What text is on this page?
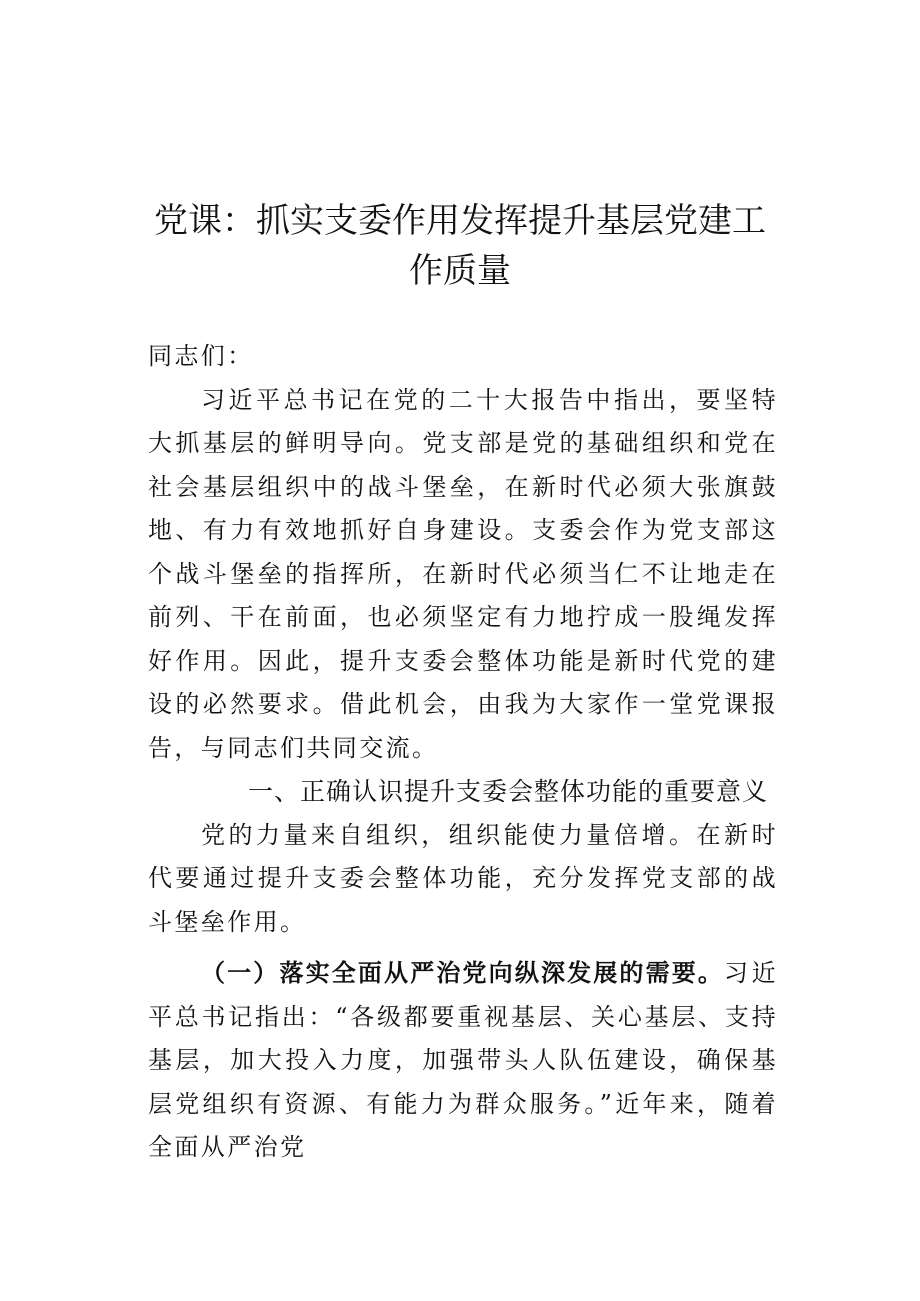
党课：抓实支委作用发挥提升基层党建工作质量

同志们：

习近平总书记在党的二十大报告中指出，要坚特大抓基层的鲜明导向。党支部是党的基础组织和党在社会基层组织中的战斗堡垒，在新时代必须大张旗鼓地、有力有效地抓好自身建设。支委会作为党支部这个战斗堡垒的指挥所，在新时代必须当仁不让地走在前列、干在前面，也必须坚定有力地拧成一股绳发挥好作用。因此，提升支委会整体功能是新时代党的建设的必然要求。借此机会，由我为大家作一堂党课报告，与同志们共同交流。

一、正确认识提升支委会整体功能的重要意义

党的力量来自组织，组织能使力量倍增。在新时代要通过提升支委会整体功能，充分发挥党支部的战斗堡垒作用。

（一）落实全面从严治党向纵深发展的需要。习近平总书记指出：“各级都要重视基层、关心基层、支持基层，加大投入力度，加强带头人队伍建设，确保基层党组织有资源、有能力为群众服务。”近年来，随着全面从严治党
